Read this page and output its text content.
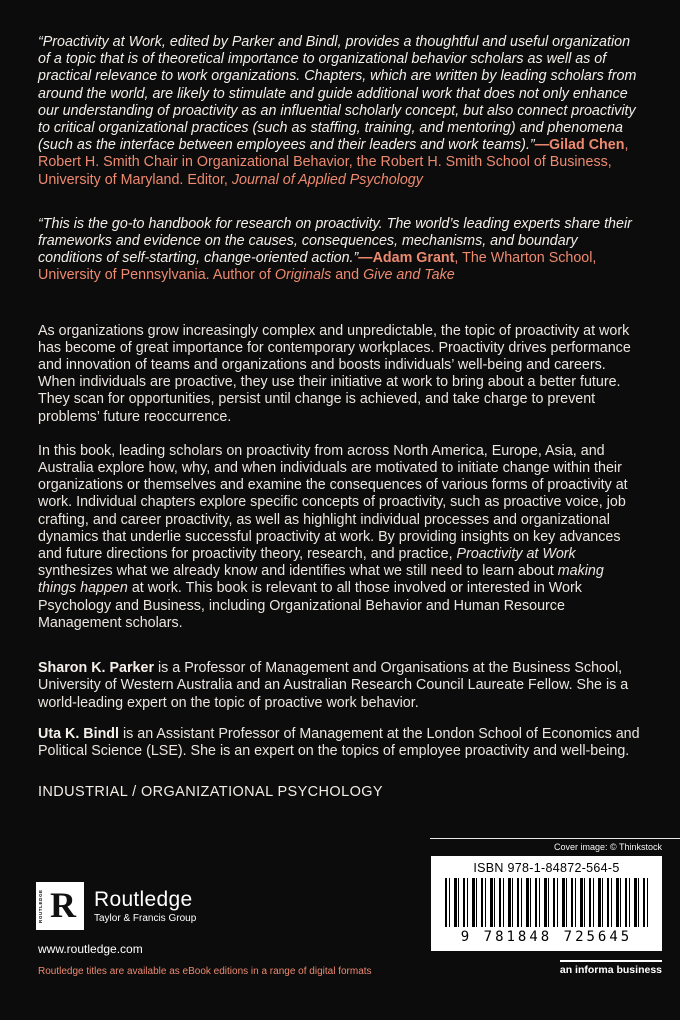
“Proactivity at Work, edited by Parker and Bindl, provides a thoughtful and useful organization of a topic that is of theoretical importance to organizational behavior scholars as well as of practical relevance to work organizations. Chapters, which are written by leading scholars from around the world, are likely to stimulate and guide additional work that does not only enhance our understanding of proactivity as an influential scholarly concept, but also connect proactivity to critical organizational practices (such as staffing, training, and mentoring) and phenomena (such as the interface between employees and their leaders and work teams).”—Gilad Chen, Robert H. Smith Chair in Organizational Behavior, the Robert H. Smith School of Business, University of Maryland. Editor, Journal of Applied Psychology

“This is the go-to handbook for research on proactivity. The world’s leading experts share their frameworks and evidence on the causes, consequences, mechanisms, and boundary conditions of self-starting, change-oriented action.”—Adam Grant, The Wharton School, University of Pennsylvania. Author of Originals and Give and Take

As organizations grow increasingly complex and unpredictable, the topic of proactivity at work has become of great importance for contemporary workplaces. Proactivity drives performance and innovation of teams and organizations and boosts individuals’ well-being and careers. When individuals are proactive, they use their initiative at work to bring about a better future. They scan for opportunities, persist until change is achieved, and take charge to prevent problems’ future reoccurrence.

In this book, leading scholars on proactivity from across North America, Europe, Asia, and Australia explore how, why, and when individuals are motivated to initiate change within their organizations or themselves and examine the consequences of various forms of proactivity at work. Individual chapters explore specific concepts of proactivity, such as proactive voice, job crafting, and career proactivity, as well as highlight individual processes and organizational dynamics that underlie successful proactivity at work. By providing insights on key advances and future directions for proactivity theory, research, and practice, Proactivity at Work synthesizes what we already know and identifies what we still need to learn about making things happen at work. This book is relevant to all those involved or interested in Work Psychology and Business, including Organizational Behavior and Human Resource Management scholars.

Sharon K. Parker is a Professor of Management and Organisations at the Business School, University of Western Australia and an Australian Research Council Laureate Fellow. She is a world-leading expert on the topic of proactive work behavior.

Uta K. Bindl is an Assistant Professor of Management at the London School of Economics and Political Science (LSE). She is an expert on the topics of employee proactivity and well-being.

INDUSTRIAL / ORGANIZATIONAL PSYCHOLOGY
Cover image: © Thinkstock
ISBN 978-1-84872-564-5
9 781848 725645
ROUTLEDGE R Routledge
Taylor & Francis Group
www.routledge.com
Routledge titles are available as eBook editions in a range of digital formats	an informa business
